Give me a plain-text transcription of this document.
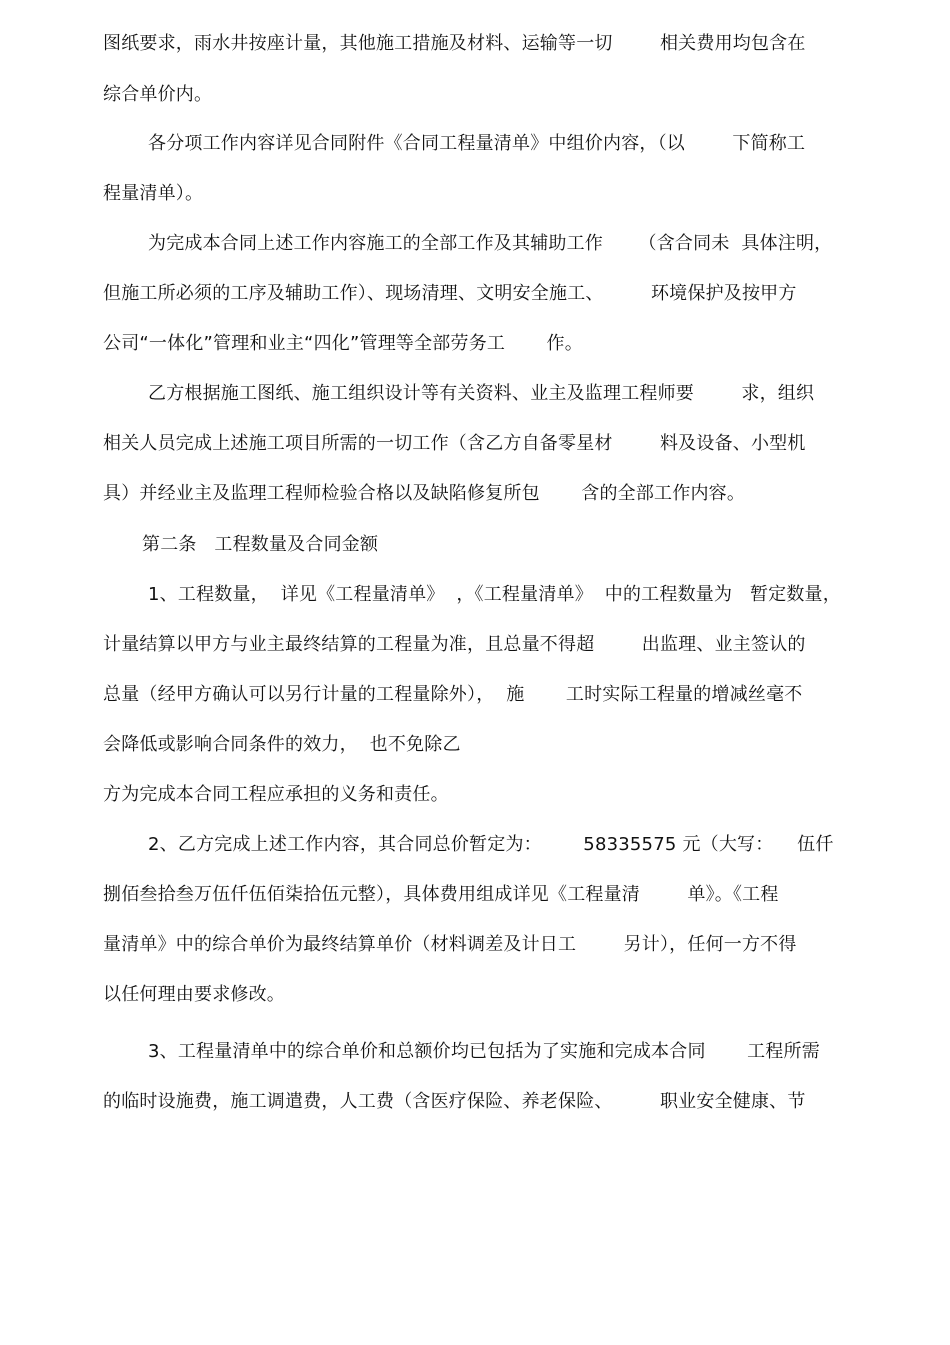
图纸要求，雨水井按座计量，其他施工措施及材料、运输等一切        相关费用均包含在
综合单价内。
各分项工作内容详见合同附件《合同工程量清单》中组价内容，（以        下简称工
程量清单）。
为完成本合同上述工作内容施工的全部工作及其辅助工作      （含合同未  具体注明，
但施工所必须的工序及辅助工作）、现场清理、文明安全施工、        环境保护及按甲方
公司“一体化”管理和业主“四化”管理等全部劳务工       作。
乙方根据施工图纸、施工组织设计等有关资料、业主及监理工程师要        求，组织
相关人员完成上述施工项目所需的一切工作（含乙方自备零星材        料及设备、小型机
具）并经业主及监理工程师检验合格以及缺陷修复所包       含的全部工作内容。
第二条   工程数量及合同金额
1、工程数量，  详见《工程量清单》  ，《工程量清单》  中的工程数量为   暂定数量，
计量结算以甲方与业主最终结算的工程量为准，且总量不得超        出监理、业主签认的
总量（经甲方确认可以另行计量的工程量除外），  施       工时实际工程量的增减丝毫不
会降低或影响合同条件的效力，  也不免除乙
方为完成本合同工程应承担的义务和责任。
2、乙方完成上述工作内容，其合同总价暂定为：       58335575 元（大写：    伍仟
捌佰叁拾叁万伍仟伍佰柒拾伍元整），具体费用组成详见《工程量清        单》。《工程
量清单》中的综合单价为最终结算单价（材料调差及计日工        另计），任何一方不得
以任何理由要求修改。
3、工程量清单中的综合单价和总额价均已包括为了实施和完成本合同       工程所需
的临时设施费，施工调遣费，人工费（含医疗保险、养老保险、        职业安全健康、节
